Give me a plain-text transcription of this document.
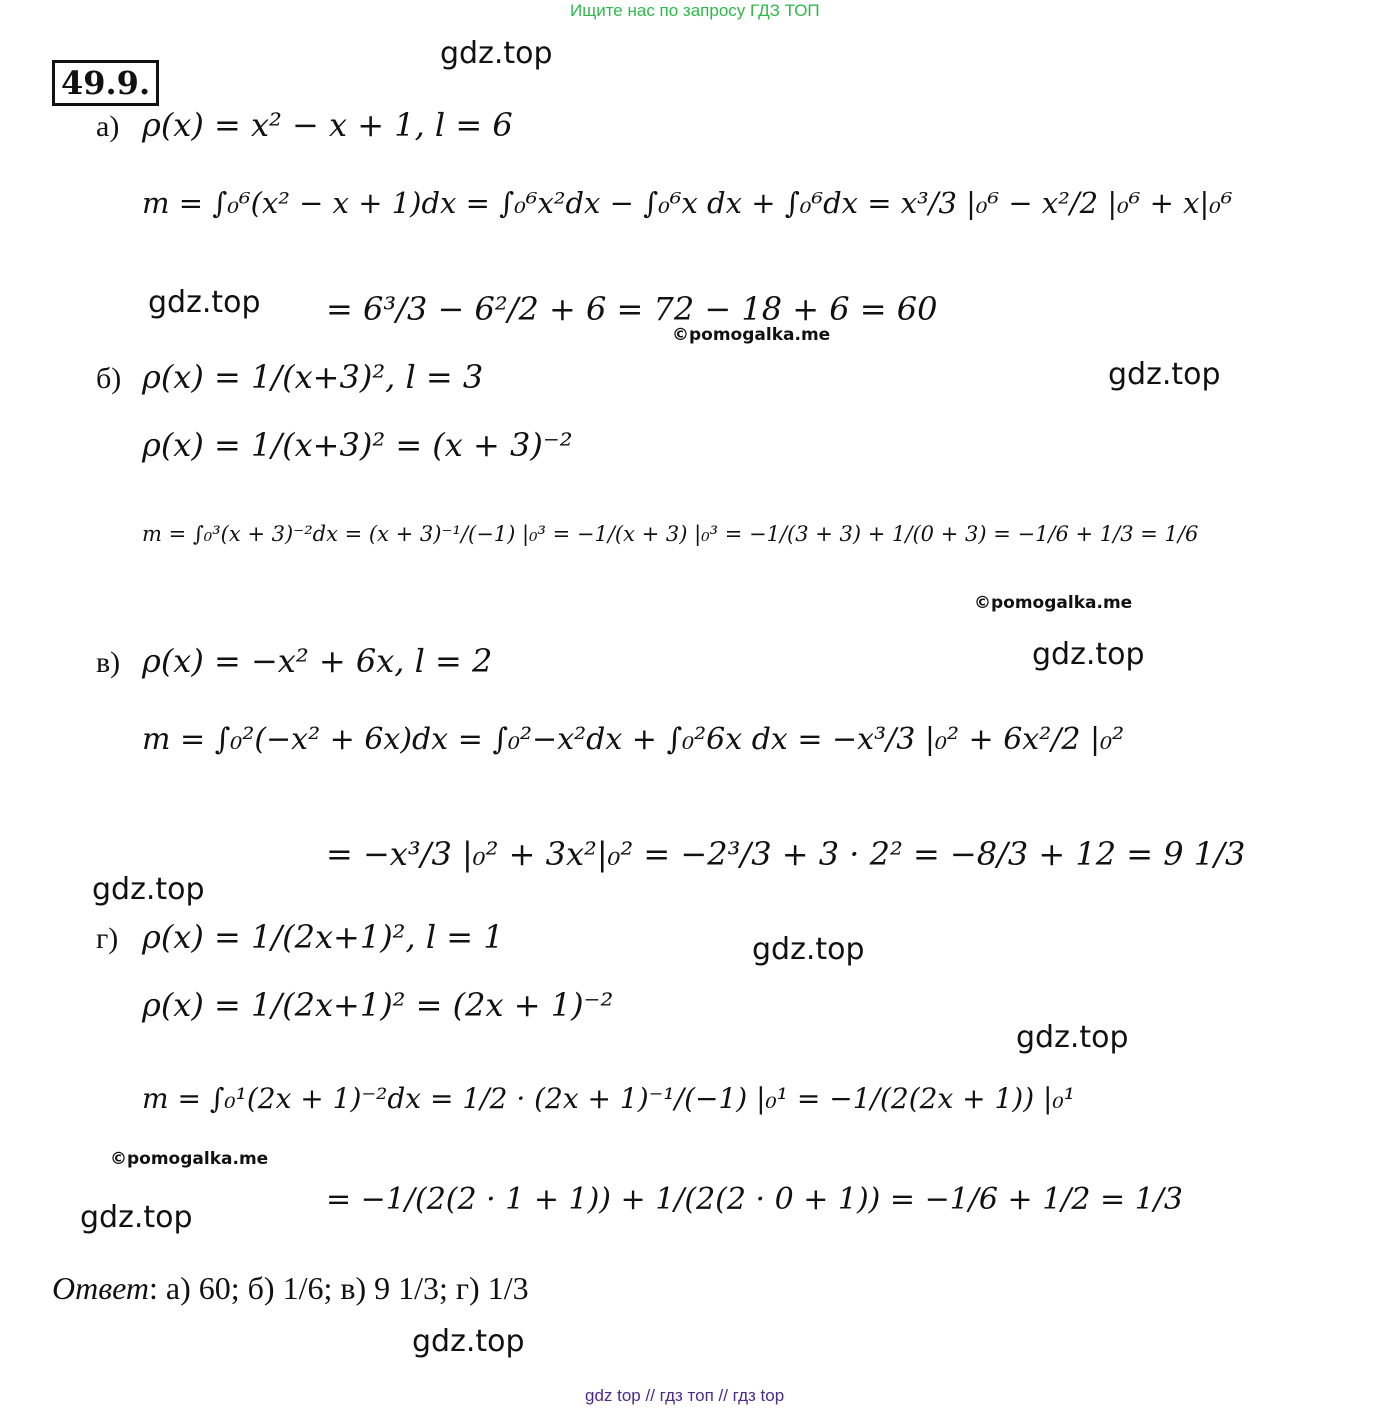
Ищите нас по запросу ГДЗ ТОП
49.9.
gdz.top
gdz.top
gdz.top
gdz.top
gdz.top
gdz.top
gdz.top
gdz.top
gdz.top
©pomogalka.me
©pomogalka.me
©pomogalka.me
а) ρ(x) = x² − x + 1, l = 6
m = ∫₀⁶(x² − x + 1)dx = ∫₀⁶x²dx − ∫₀⁶x dx + ∫₀⁶dx = x³/3 |₀⁶ − x²/2 |₀⁶ + x|₀⁶
= 6³/3 − 6²/2 + 6 = 72 − 18 + 6 = 60
б) ρ(x) = 1/(x+3)², l = 3
ρ(x) = 1/(x+3)² = (x + 3)⁻²
m = ∫₀³(x + 3)⁻²dx = (x + 3)⁻¹/(−1) |₀³ = −1/(x + 3) |₀³ = −1/(3 + 3) + 1/(0 + 3) = −1/6 + 1/3 = 1/6
в) ρ(x) = −x² + 6x, l = 2
m = ∫₀²(−x² + 6x)dx = ∫₀²−x²dx + ∫₀²6x dx = −x³/3 |₀² + 6x²/2 |₀²
= −x³/3 |₀² + 3x²|₀² = −2³/3 + 3 · 2² = −8/3 + 12 = 9 1/3
г) ρ(x) = 1/(2x+1)², l = 1
ρ(x) = 1/(2x+1)² = (2x + 1)⁻²
m = ∫₀¹(2x + 1)⁻²dx = 1/2 · (2x + 1)⁻¹/(−1) |₀¹ = −1/(2(2x + 1)) |₀¹
= −1/(2(2 · 1 + 1)) + 1/(2(2 · 0 + 1)) = −1/6 + 1/2 = 1/3
Ответ: а) 60; б) 1/6; в) 9 1/3; г) 1/3
gdz top // гдз топ // гдз top
